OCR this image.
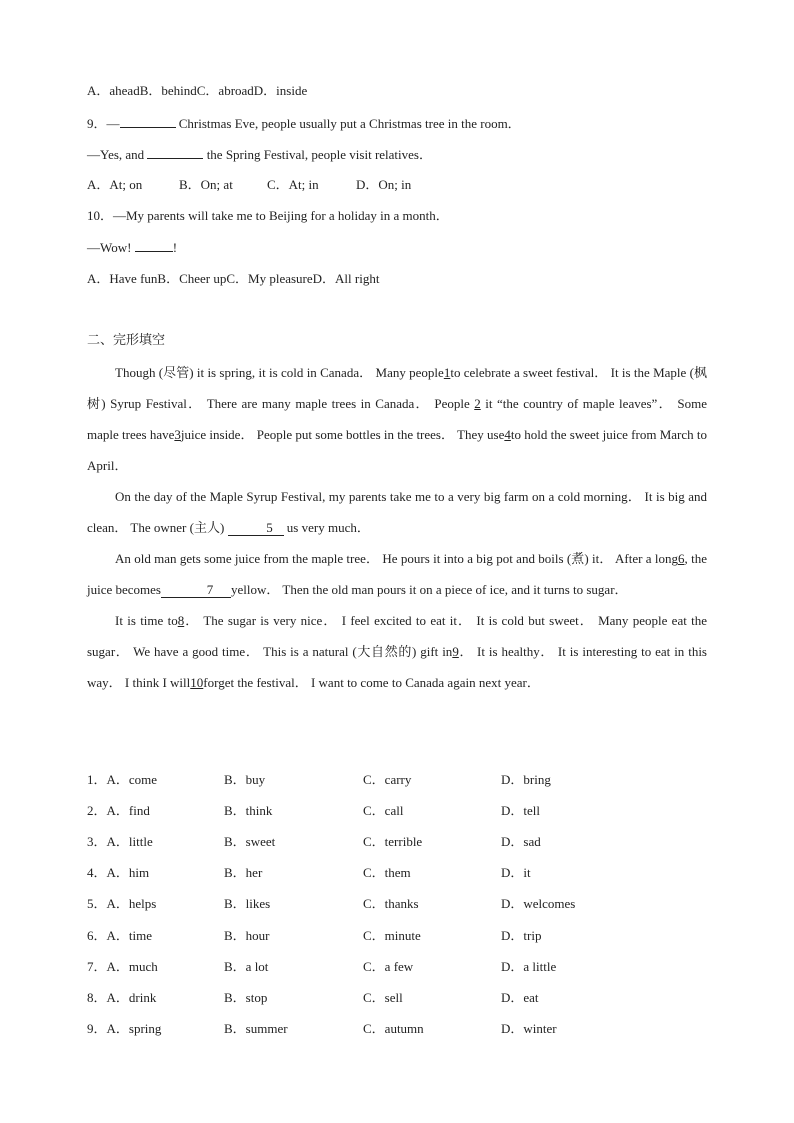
A．aheadB．behindC．abroadD．inside
9．—	Christmas Eve, people usually put a Christmas tree in the room．
—Yes, and	the Spring Festival, people visit relatives．
A．At; on	B．On; at	C．At; in	D．On; in
10．—My parents will take me to Beijing for a holiday in a month．
—Wow!	!
A．Have funB．Cheer upC．My pleasureD．All right
二、完形填空

Though (尽管) it is spring, it is cold in Canada． Many people1to celebrate a sweet festival． It is the Maple (枫树) Syrup Festival． There are many maple trees in Canada． People 2 it “the country of maple leaves”． Some maple trees have3juice inside． People put some bottles in the trees． They use4to hold the sweet juice from March to April．

On the day of the Maple Syrup Festival, my parents take me to a very big farm on a cold morning． It is big and clean． The owner (主人)	5 us very much．

An old man gets some juice from the maple tree． He pours it into a big pot and boils (煮) it． After a long6, the juice becomes	7 yellow． Then the old man pours it on a piece of ice, and it turns to sugar．

It is time to8． The sugar is very nice． I feel excited to eat it． It is cold but sweet． Many people eat the sugar． We have a good time． This is a natural (大自然的) gift in9． It is healthy． It is interesting to eat in this way． I think I will10forget the festival． I want to come to Canada again next year．

1．A．come	B．buy	C．carry	D．bring
2．A．find	B．think	C．call	D．tell
3．A．little	B．sweet	C．terrible	D．sad
4．A．him	B．her	C．them	D．it
5．A．helps	B．likes	C．thanks	D．welcomes
6．A．time	B．hour	C．minute	D．trip
7．A．much	B．a lot	C．a few	D．a little
8．A．drink	B．stop	C．sell	D．eat
9．A．spring	B．summer	C．autumn	D．winter
